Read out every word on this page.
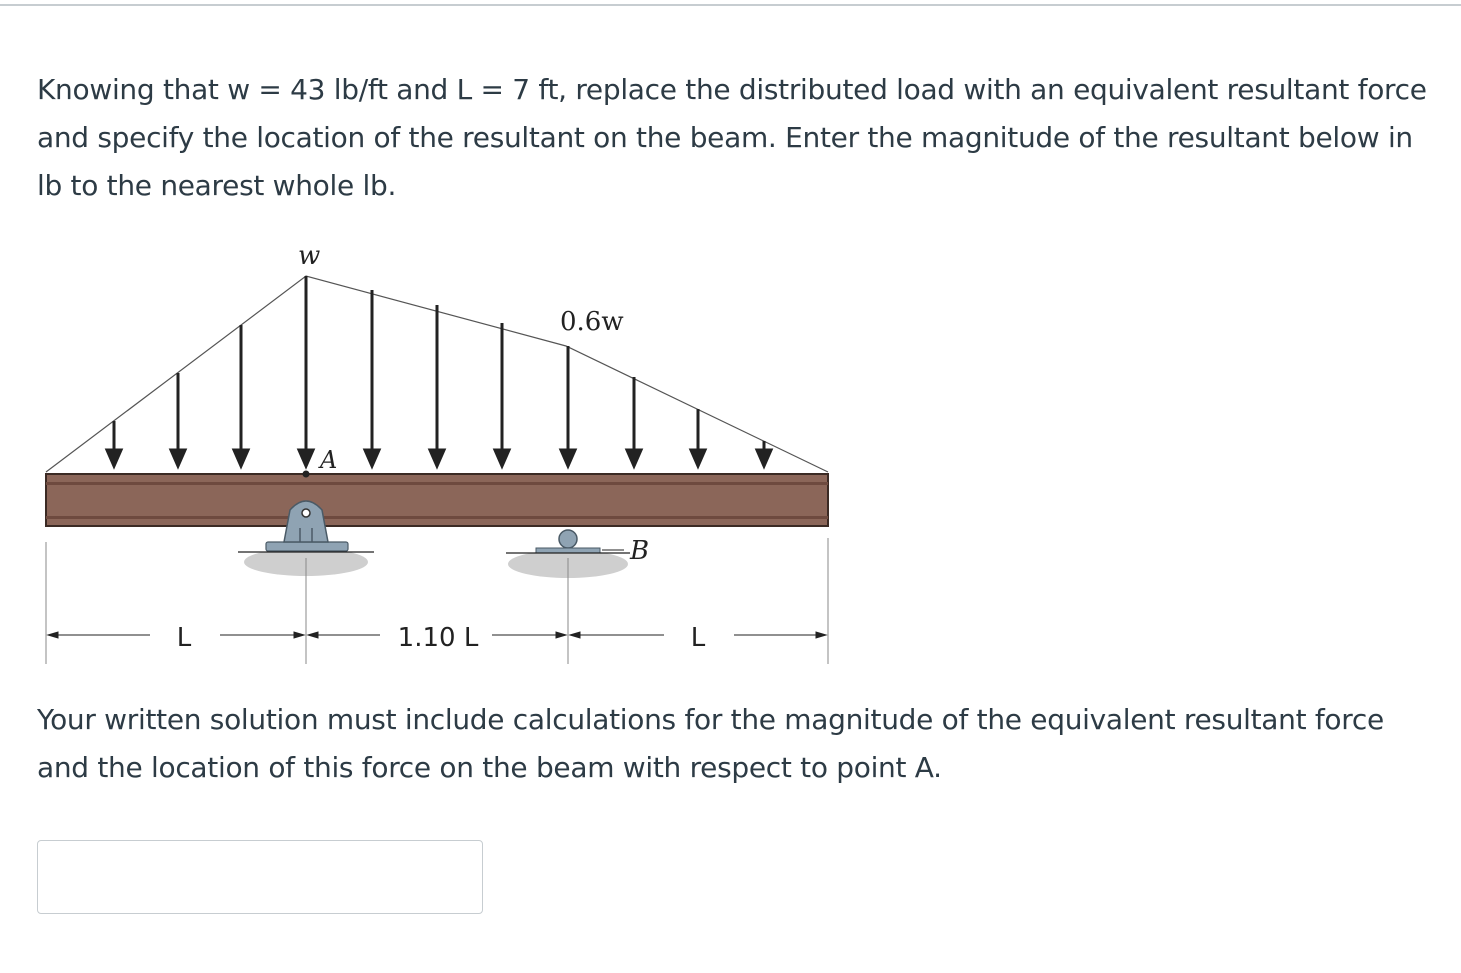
Knowing that w = 43 lb/ft and L = 7 ft, replace the distributed load with an equivalent resultant force and specify the location of the resultant on the beam. Enter the magnitude of the resultant below in lb to the nearest whole lb.

w
0.6w
A
B
L	1.10 L	L

Your written solution must include calculations for the magnitude of the equivalent resultant force and the location of this force on the beam with respect to point A.
